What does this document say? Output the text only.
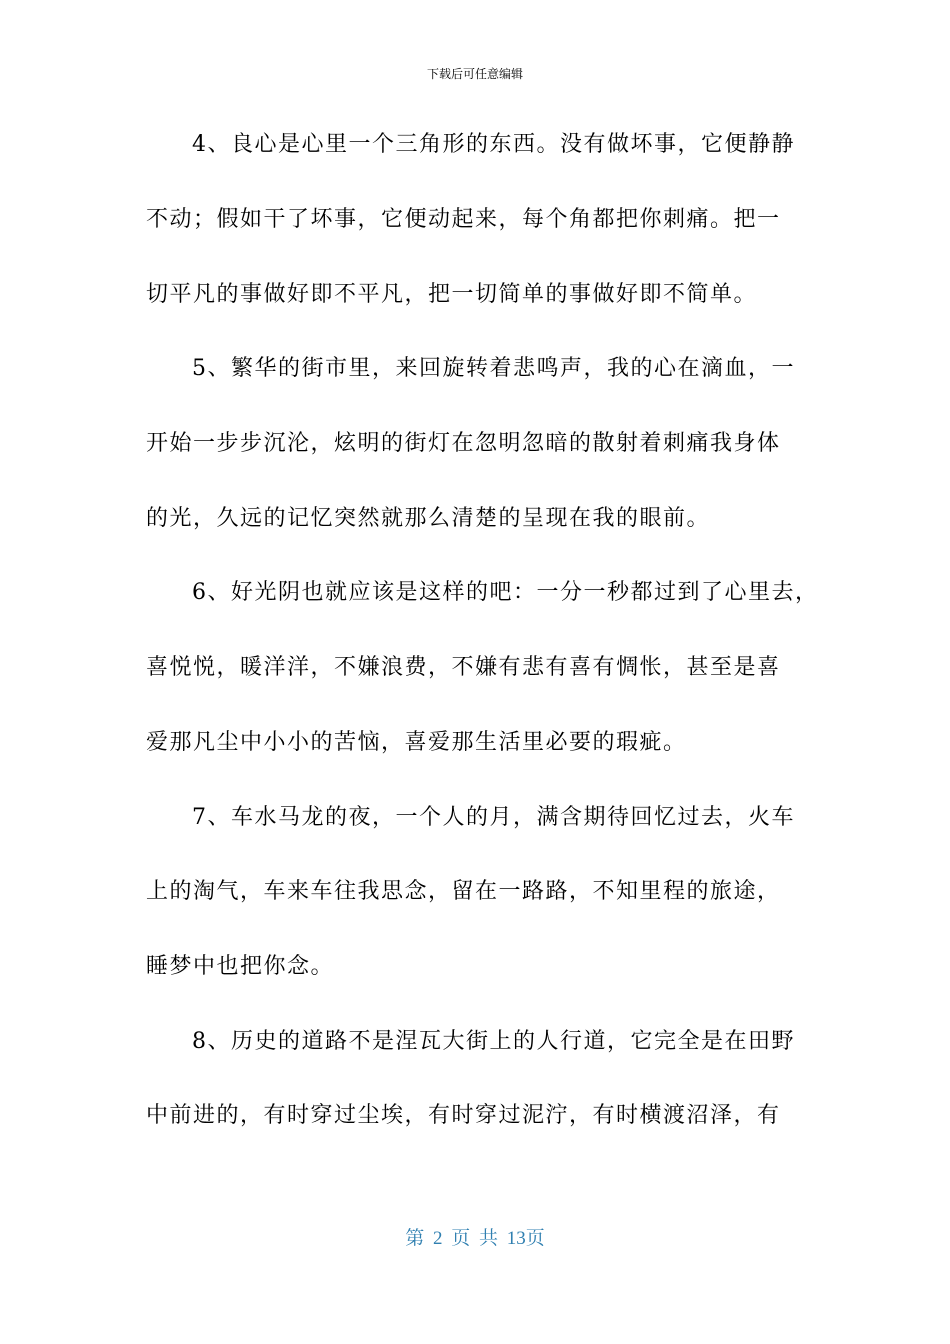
下载后可任意编辑
4、良心是心里一个三角形的东西。没有做坏事，它便静静
不动；假如干了坏事，它便动起来，每个角都把你刺痛。把一
切平凡的事做好即不平凡，把一切简单的事做好即不简单。
5、繁华的街市里，来回旋转着悲鸣声，我的心在滴血，一
开始一步步沉沦，炫明的街灯在忽明忽暗的散射着刺痛我身体
的光，久远的记忆突然就那么清楚的呈现在我的眼前。
6、好光阴也就应该是这样的吧：一分一秒都过到了心里去，
喜悦悦，暖洋洋，不嫌浪费，不嫌有悲有喜有惆怅，甚至是喜
爱那凡尘中小小的苦恼，喜爱那生活里必要的瑕疵。
7、车水马龙的夜，一个人的月，满含期待回忆过去，火车
上的淘气，车来车往我思念，留在一路路，不知里程的旅途，
睡梦中也把你念。
8、历史的道路不是涅瓦大街上的人行道，它完全是在田野
中前进的，有时穿过尘埃，有时穿过泥泞，有时横渡沼泽，有
第 2 页 共 13页
